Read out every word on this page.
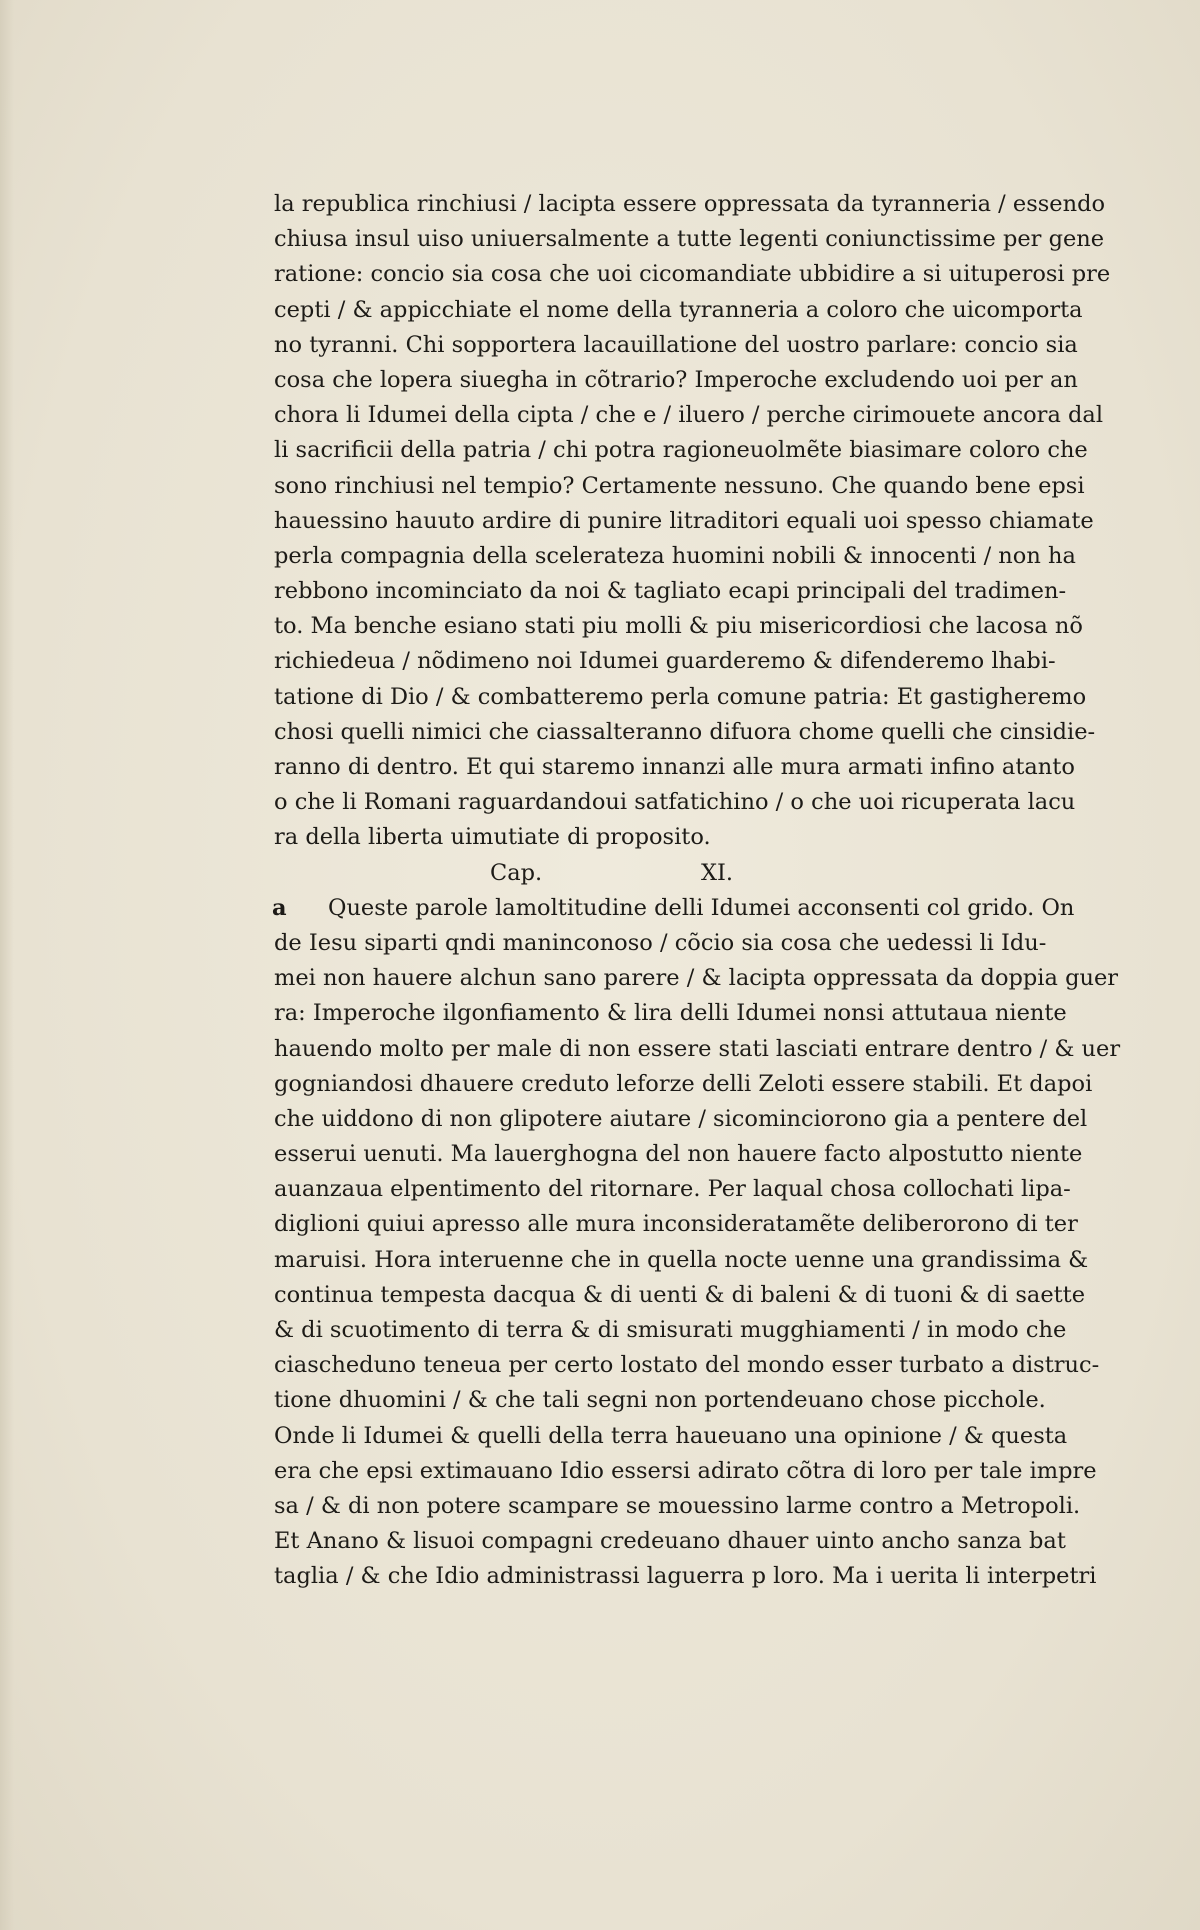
la republica rinchiusi / lacipta essere oppressata da tyranneria / essendo
chiusa insul uiso uniuersalmente a tutte legenti coniunctissime per gene
ratione: concio sia cosa che uoi cicomandiate ubbidire a si uituperosi pre
cepti / & appicchiate el nome della tyranneria a coloro che uicomporta
no tyranni. Chi sopportera lacauillatione del uostro parlare: concio sia
cosa che lopera siuegha in cõtrario? Imperoche excludendo uoi per an
chora li Idumei della cipta / che e / iluero / perche cirimouete ancora dal
li sacrificii della patria / chi potra ragioneuolmẽte biasimare coloro che
sono rinchiusi nel tempio? Certamente nessuno. Che quando bene epsi
hauessino hauuto ardire di punire litraditori equali uoi spesso chiamate
perla compagnia della scelerateza huomini nobili & innocenti / non ha
rebbono incominciato da noi & tagliato ecapi principali del tradimen-
to. Ma benche esiano stati piu molli & piu misericordiosi che lacosa nõ
richiedeua / nõdimeno noi Idumei guarderemo & difenderemo lhabi-
tatione di Dio / & combatteremo perla comune patria: Et gastigheremo
chosi quelli nimici che ciassalteranno difuora chome quelli che cinsidie-
ranno di dentro. Et qui staremo innanzi alle mura armati infino atanto
o che li Romani raguardandoui satfatichino / o che uoi ricuperata lacu
ra della liberta uimutiate di proposito.
Cap.	XI.
a Queste parole lamoltitudine delli Idumei acconsenti col grido. On
de Iesu siparti qndi maninconoso / cõcio sia cosa che uedessi li Idu-
mei non hauere alchun sano parere / & lacipta oppressata da doppia guer
ra: Imperoche ilgonfiamento & lira delli Idumei nonsi attutaua niente
hauendo molto per male di non essere stati lasciati entrare dentro / & uer
gogniandosi dhauere creduto leforze delli Zeloti essere stabili. Et dapoi
che uiddono di non glipotere aiutare / sicominciorono gia a pentere del
esserui uenuti. Ma lauerghogna del non hauere facto alpostutto niente
auanzaua elpentimento del ritornare. Per laqual chosa collochati lipa-
diglioni quiui apresso alle mura inconsideratamẽte deliberorono di ter
maruisi. Hora interuenne che in quella nocte uenne una grandissima &
continua tempesta dacqua & di uenti & di baleni & di tuoni & di saette
& di scuotimento di terra & di smisurati mugghiamenti / in modo che
ciascheduno teneua per certo lostato del mondo esser turbato a distruc-
tione dhuomini / & che tali segni non portendeuano chose picchole.
Onde li Idumei & quelli della terra haueuano una opinione / & questa
era che epsi extimauano Idio essersi adirato cõtra di loro per tale impre
sa / & di non potere scampare se mouessino larme contro a Metropoli.
Et Anano & lisuoi compagni credeuano dhauer uinto ancho sanza bat
taglia / & che Idio administrassi laguerra p loro. Ma i uerita li interpetri
